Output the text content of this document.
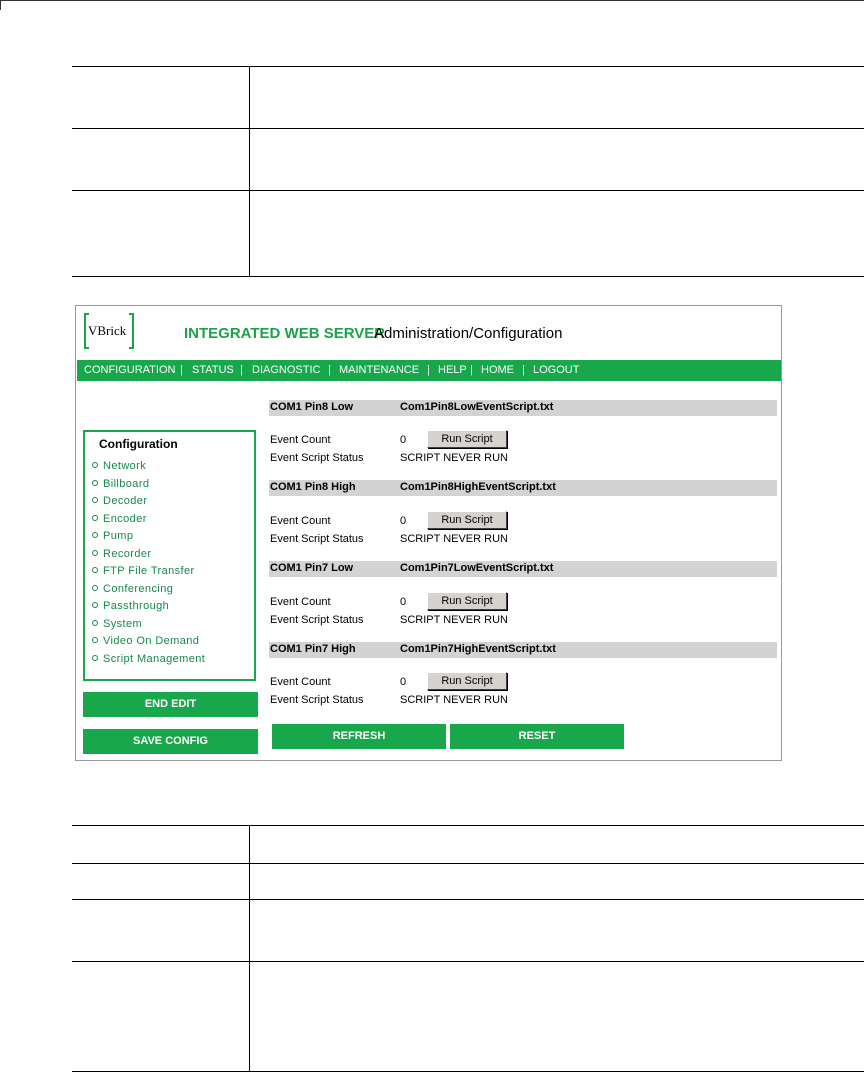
VBrick	INTEGRATED WEB SERVER
Administration/Configuration
CONFIGURATION | STATUS | DIAGNOSTIC | MAINTENANCE | HELP | HOME | LOGOUT
Configuration
Network
Billboard
Decoder
Encoder
Pump
Recorder
FTP File Transfer
Conferencing
Passthrough
System
Video On Demand
Script Management
END EDIT
SAVE CONFIG
COM1 Pin8 Low	Com1Pin8LowEventScript.txt
Event Count	0	Run Script
Event Script Status	SCRIPT NEVER RUN
COM1 Pin8 High	Com1Pin8HighEventScript.txt
Event Count	0	Run Script
Event Script Status	SCRIPT NEVER RUN
COM1 Pin7 Low	Com1Pin7LowEventScript.txt
Event Count	0	Run Script
Event Script Status	SCRIPT NEVER RUN
COM1 Pin7 High	Com1Pin7HighEventScript.txt
Event Count	0	Run Script
Event Script Status	SCRIPT NEVER RUN
REFRESH	RESET
